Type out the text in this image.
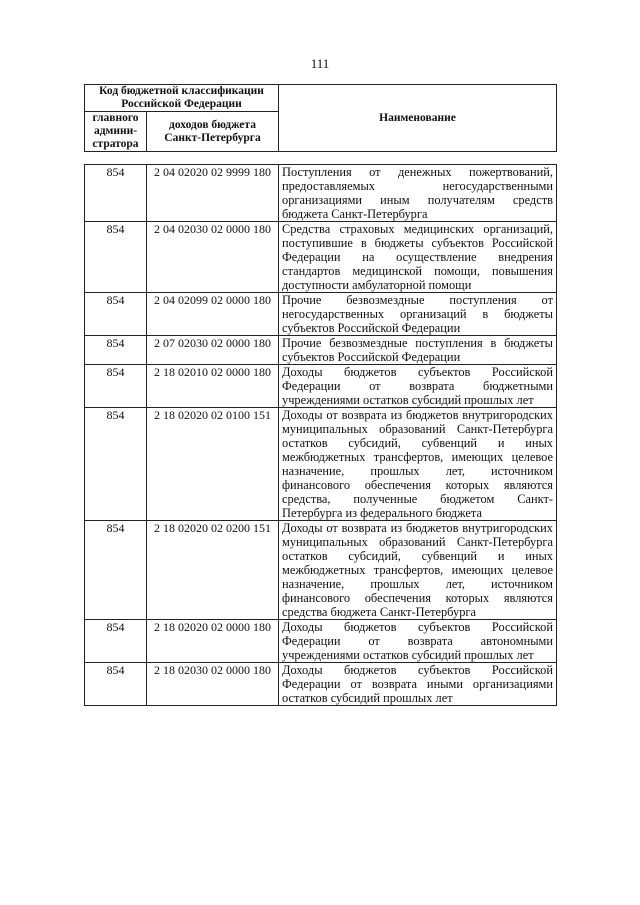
111
Код бюджетной классификации Российской Федерации		Наименование
главного админи-стратора	доходов бюджета Санкт-Петербурга	
854	2 04 02020 02 9999 180	Поступления от денежных пожертвований, предоставляемых негосударственными организациями иным получателям средств бюджета Санкт-Петербурга
854	2 04 02030 02 0000 180	Средства страховых медицинских организаций, поступившие в бюджеты субъектов Российской Федерации на осуществление внедрения стандартов медицинской помощи, повышения доступности амбулаторной помощи
854	2 04 02099 02 0000 180	Прочие безвозмездные поступления от негосударственных организаций в бюджеты субъектов Российской Федерации
854	2 07 02030 02 0000 180	Прочие безвозмездные поступления в бюджеты субъектов Российской Федерации
854	2 18 02010 02 0000 180	Доходы бюджетов субъектов Российской Федерации от возврата бюджетными учреждениями остатков субсидий прошлых лет
854	2 18 02020 02 0100 151	Доходы от возврата из бюджетов внутригородских муниципальных образований Санкт-Петербурга остатков субсидий, субвенций и иных межбюджетных трансфертов, имеющих целевое назначение, прошлых лет, источником финансового обеспечения которых являются средства, полученные бюджетом Санкт-Петербурга из федерального бюджета
854	2 18 02020 02 0200 151	Доходы от возврата из бюджетов внутригородских муниципальных образований Санкт-Петербурга остатков субсидий, субвенций и иных межбюджетных трансфертов, имеющих целевое назначение, прошлых лет, источником финансового обеспечения которых являются средства бюджета Санкт-Петербурга
854	2 18 02020 02 0000 180	Доходы бюджетов субъектов Российской Федерации от возврата автономными учреждениями остатков субсидий прошлых лет
854	2 18 02030 02 0000 180	Доходы бюджетов субъектов Российской Федерации от возврата иными организациями остатков субсидий прошлых лет
